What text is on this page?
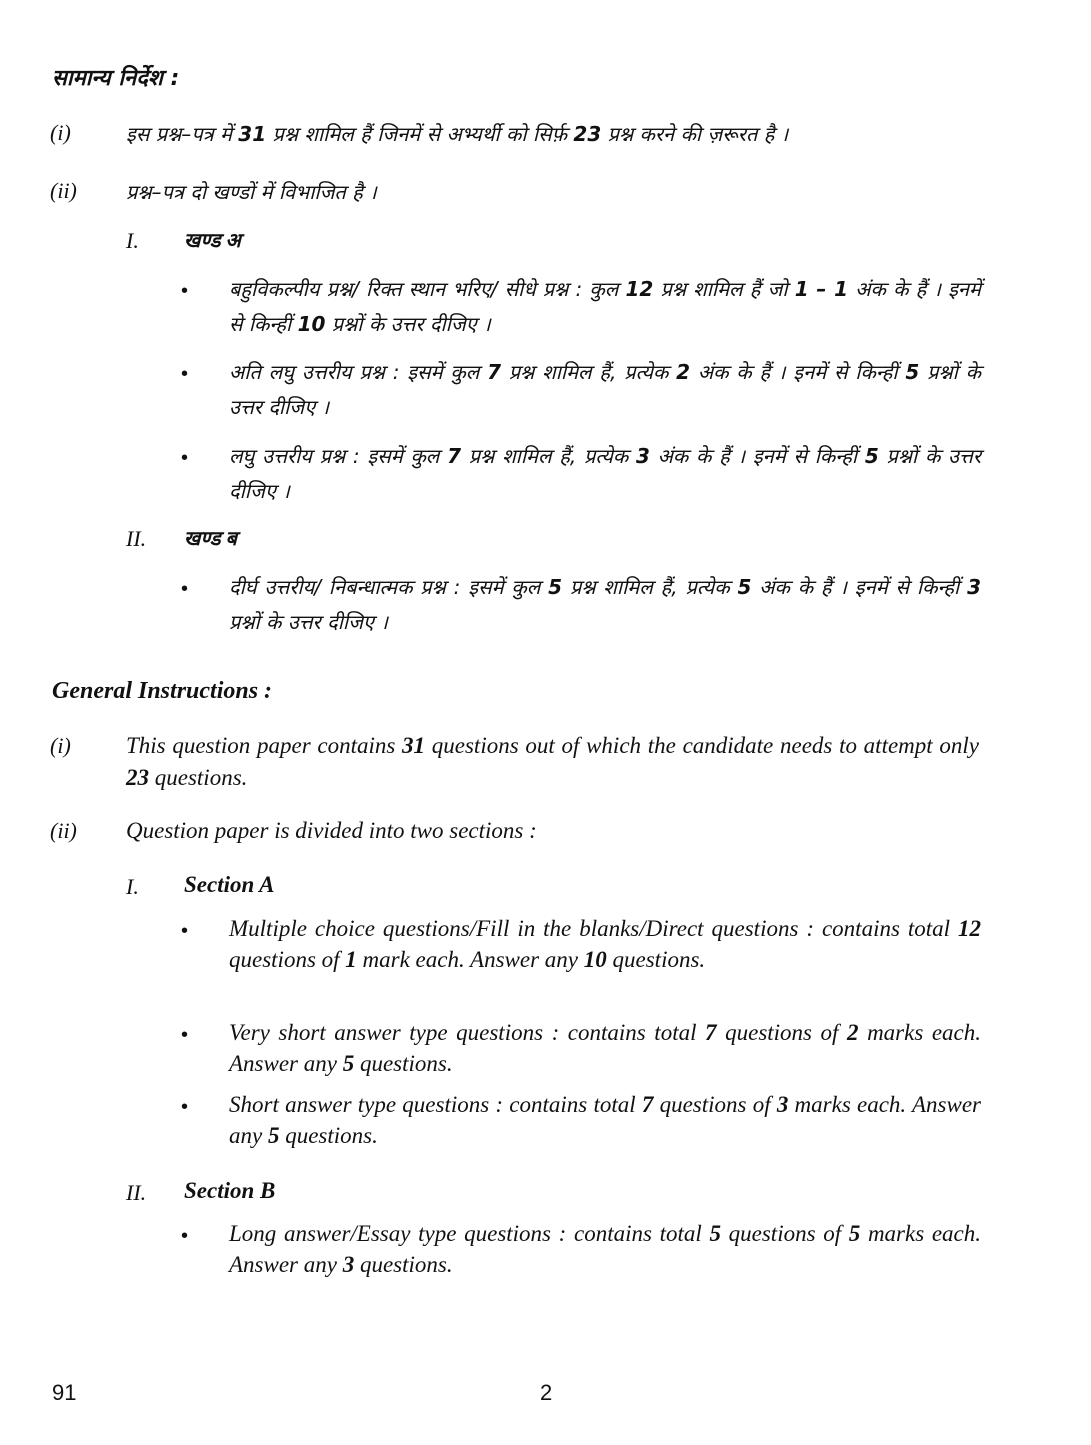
सामान्य निर्देश :
(i)	इस प्रश्न–पत्र में 31 प्रश्न शामिल हैं जिनमें से अभ्यर्थी को सिर्फ़ 23 प्रश्न करने की ज़रूरत है ।
(ii) प्रश्न–पत्र दो खण्डों में विभाजित है ।
I. खण्ड अ
• बहुविकल्पीय प्रश्न/ रिक्त स्थान भरिए/ सीधे प्रश्न : कुल 12 प्रश्न शामिल हैं जो 1 – 1 अंक के हैं । इनमें से किन्हीं 10 प्रश्नों के उत्तर दीजिए ।
• अति लघु उत्तरीय प्रश्न : इसमें कुल 7 प्रश्न शामिल हैं, प्रत्येक 2 अंक के हैं । इनमें से किन्हीं 5 प्रश्नों के उत्तर दीजिए ।
• लघु उत्तरीय प्रश्न : इसमें कुल 7 प्रश्न शामिल हैं, प्रत्येक 3 अंक के हैं । इनमें से किन्हीं 5 प्रश्नों के उत्तर दीजिए ।
II. खण्ड ब
• दीर्घ उत्तरीय/ निबन्धात्मक प्रश्न : इसमें कुल 5 प्रश्न शामिल हैं, प्रत्येक 5 अंक के हैं । इनमें से किन्हीं 3 प्रश्नों के उत्तर दीजिए ।
General Instructions :
(i) This question paper contains 31 questions out of which the candidate needs to attempt only 23 questions.
(ii) Question paper is divided into two sections :
I. Section A
• Multiple choice questions/Fill in the blanks/Direct questions : contains total 12 questions of 1 mark each. Answer any 10 questions.
• Very short answer type questions : contains total 7 questions of 2 marks each. Answer any 5 questions.
• Short answer type questions : contains total 7 questions of 3 marks each. Answer any 5 questions.
II. Section B
• Long answer/Essay type questions : contains total 5 questions of 5 marks each. Answer any 3 questions.
91	2
